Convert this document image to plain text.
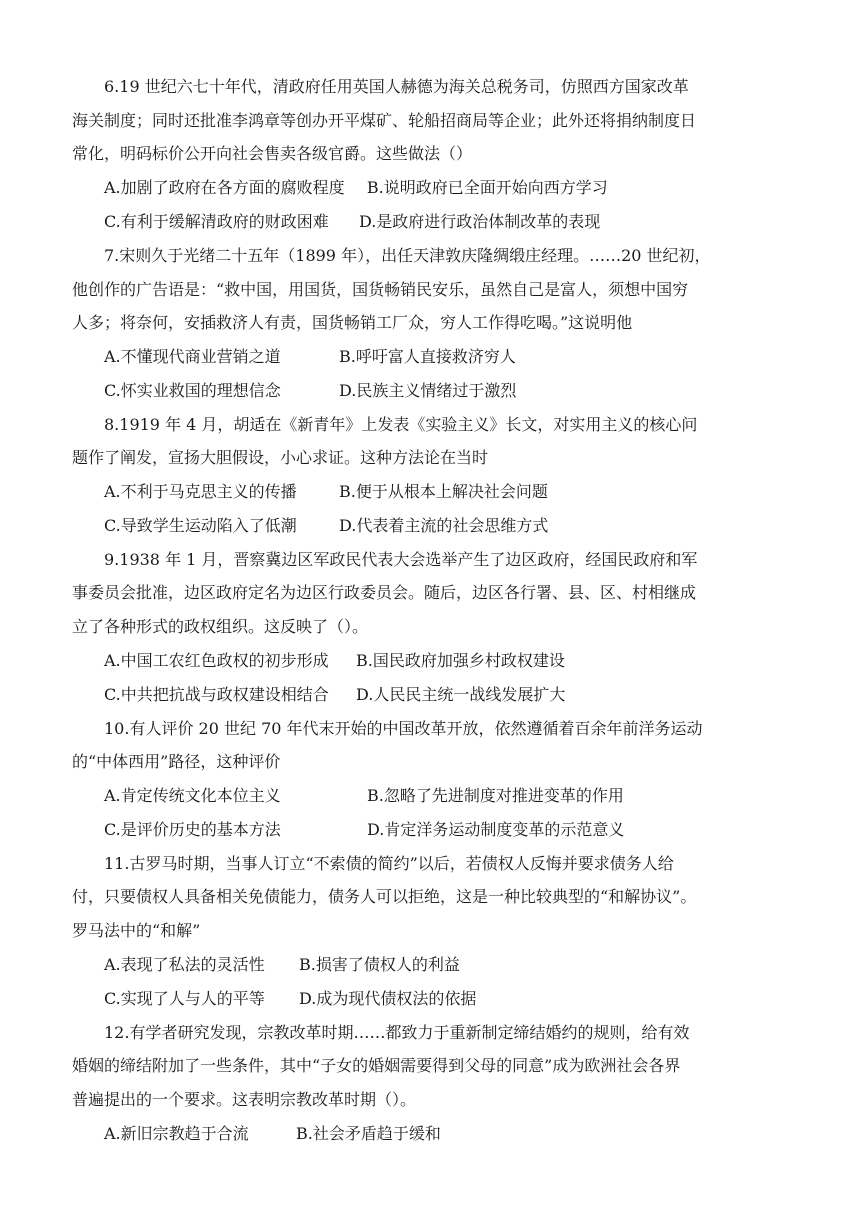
6.19 世纪六七十年代，清政府任用英国人赫德为海关总税务司，仿照西方国家改革
海关制度；同时还批准李鸿章等创办开平煤矿、轮船招商局等企业；此外还将捐纳制度日
常化，明码标价公开向社会售卖各级官爵。这些做法（）
A.加剧了政府在各方面的腐败程度 B.说明政府已全面开始向西方学习
C.有利于缓解清政府的财政困难 D.是政府进行政治体制改革的表现
7.宋则久于光绪二十五年（1899 年），出任天津敦庆隆绸缎庄经理。……20 世纪初，
他创作的广告语是：“救中国，用国货，国货畅销民安乐，虽然自己是富人，须想中国穷
人多；将奈何，安插救济人有责，国货畅销工厂众，穷人工作得吃喝。”这说明他
A.不懂现代商业营销之道	B.呼吁富人直接救济穷人
C.怀实业救国的理想信念	D.民族主义情绪过于激烈
8.1919 年 4 月，胡适在《新青年》上发表《实验主义》长文，对实用主义的核心问
题作了阐发，宣扬大胆假设，小心求证。这种方法论在当时
A.不利于马克思主义的传播	B.便于从根本上解决社会问题
C.导致学生运动陷入了低潮	D.代表着主流的社会思维方式
9.1938 年 1 月，晋察冀边区军政民代表大会选举产生了边区政府，经国民政府和军
事委员会批准，边区政府定名为边区行政委员会。随后，边区各行署、县、区、村相继成
立了各种形式的政权组织。这反映了（）。
A.中国工农红色政权的初步形成 B.国民政府加强乡村政权建设
C.中共把抗战与政权建设相结合 D.人民民主统一战线发展扩大
10.有人评价 20 世纪 70 年代末开始的中国改革开放，依然遵循着百余年前洋务运动
的“中体西用”路径，这种评价
A.肯定传统文化本位主义	B.忽略了先进制度对推进变革的作用
C.是评价历史的基本方法	D.肯定洋务运动制度变革的示范意义
11.古罗马时期，当事人订立“不索债的简约”以后，若债权人反悔并要求债务人给
付，只要债权人具备相关免债能力，债务人可以拒绝，这是一种比较典型的“和解协议”。
罗马法中的“和解”
A.表现了私法的灵活性 B.损害了债权人的利益
C.实现了人与人的平等 D.成为现代债权法的依据
12.有学者研究发现，宗教改革时期……都致力于重新制定缔结婚约的规则，给有效
婚姻的缔结附加了一些条件，其中“子女的婚姻需要得到父母的同意”成为欧洲社会各界
普遍提出的一个要求。这表明宗教改革时期（）。
A.新旧宗教趋于合流	B.社会矛盾趋于缓和
